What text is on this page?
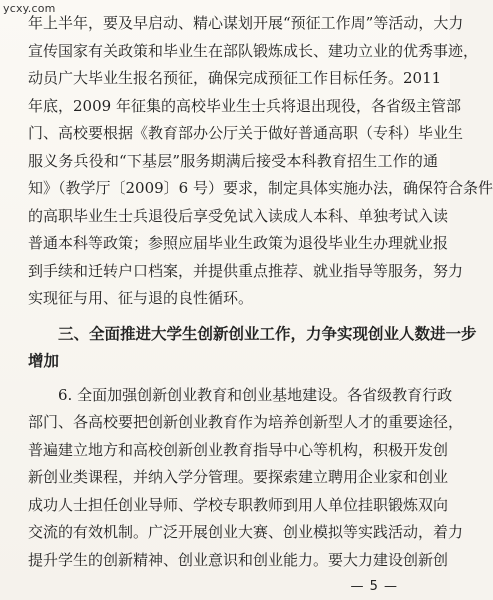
ycxy.com
年上半年，要及早启动、精心谋划开展“预征工作周”等活动，大力
宣传国家有关政策和毕业生在部队锻炼成长、建功立业的优秀事迹，
动员广大毕业生报名预征，确保完成预征工作目标任务。2011
年底，2009 年征集的高校毕业生士兵将退出现役，各省级主管部
门、高校要根据《教育部办公厅关于做好普通高职（专科）毕业生
服义务兵役和“下基层”服务期满后接受本科教育招生工作的通
知》（教学厅〔2009〕6 号）要求，制定具体实施办法，确保符合条件
的高职毕业生士兵退役后享受免试入读成人本科、单独考试入读
普通本科等政策；参照应届毕业生政策为退役毕业生办理就业报
到手续和迁转户口档案，并提供重点推荐、就业指导等服务，努力
实现征与用、征与退的良性循环。
三、全面推进大学生创新创业工作，力争实现创业人数进一步
增加
6. 全面加强创新创业教育和创业基地建设。各省级教育行政
部门、各高校要把创新创业教育作为培养创新型人才的重要途径，
普遍建立地方和高校创新创业教育指导中心等机构，积极开发创
新创业类课程，并纳入学分管理。要探索建立聘用企业家和创业
成功人士担任创业导师、学校专职教师到用人单位挂职锻炼双向
交流的有效机制。广泛开展创业大赛、创业模拟等实践活动，着力
提升学生的创新精神、创业意识和创业能力。要大力建设创新创
— 5 —
